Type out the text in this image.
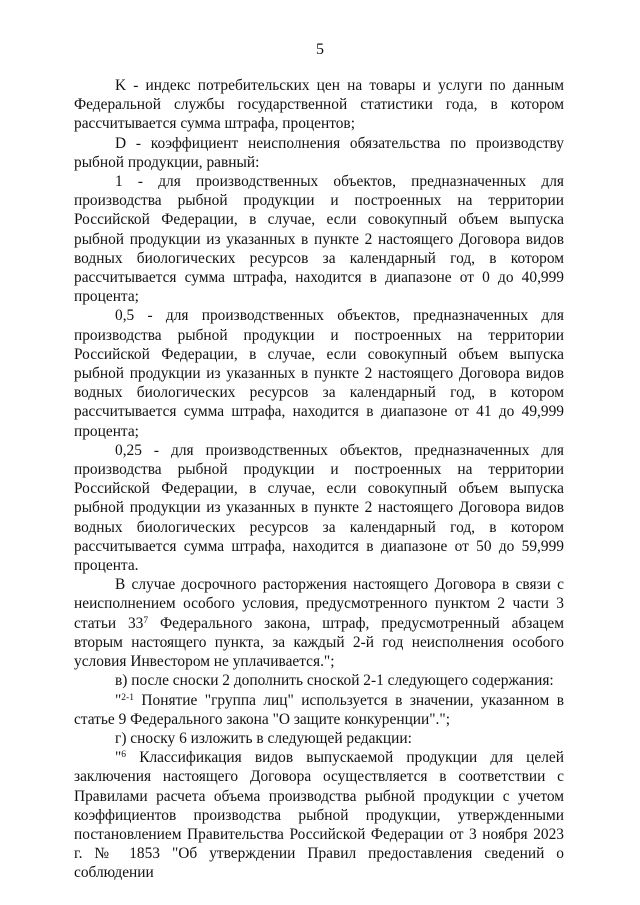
5

K - индекс потребительских цен на товары и услуги по данным Федеральной службы государственной статистики года, в котором рассчитывается сумма штрафа, процентов;

D - коэффициент неисполнения обязательства по производству рыбной продукции, равный:

1 - для производственных объектов, предназначенных для производства рыбной продукции и построенных на территории Российской Федерации, в случае, если совокупный объем выпуска рыбной продукции из указанных в пункте 2 настоящего Договора видов водных биологических ресурсов за календарный год, в котором рассчитывается сумма штрафа, находится в диапазоне от 0 до 40,999 процента;

0,5 - для производственных объектов, предназначенных для производства рыбной продукции и построенных на территории Российской Федерации, в случае, если совокупный объем выпуска рыбной продукции из указанных в пункте 2 настоящего Договора видов водных биологических ресурсов за календарный год, в котором рассчитывается сумма штрафа, находится в диапазоне от 41 до 49,999 процента;

0,25 - для производственных объектов, предназначенных для производства рыбной продукции и построенных на территории Российской Федерации, в случае, если совокупный объем выпуска рыбной продукции из указанных в пункте 2 настоящего Договора видов водных биологических ресурсов за календарный год, в котором рассчитывается сумма штрафа, находится в диапазоне от 50 до 59,999 процента.

В случае досрочного расторжения настоящего Договора в связи с неисполнением особого условия, предусмотренного пунктом 2 части 3 статьи $33^7$ Федерального закона, штраф, предусмотренный абзацем вторым настоящего пункта, за каждый 2-й год неисполнения особого условия Инвестором не уплачивается.";

в) после сноски 2 дополнить сноской 2-1 следующего содержания:

"$^{2-1}$ Понятие "группа лиц" используется в значении, указанном в статье 9 Федерального закона "О защите конкуренции".";

г) сноску 6 изложить в следующей редакции:

"$^6$ Классификация видов выпускаемой продукции для целей заключения настоящего Договора осуществляется в соответствии с Правилами расчета объема производства рыбной продукции с учетом коэффициентов производства рыбной продукции, утвержденными постановлением Правительства Российской Федерации от 3 ноября 2023 г. № 1853 "Об утверждении Правил предоставления сведений о соблюдении
